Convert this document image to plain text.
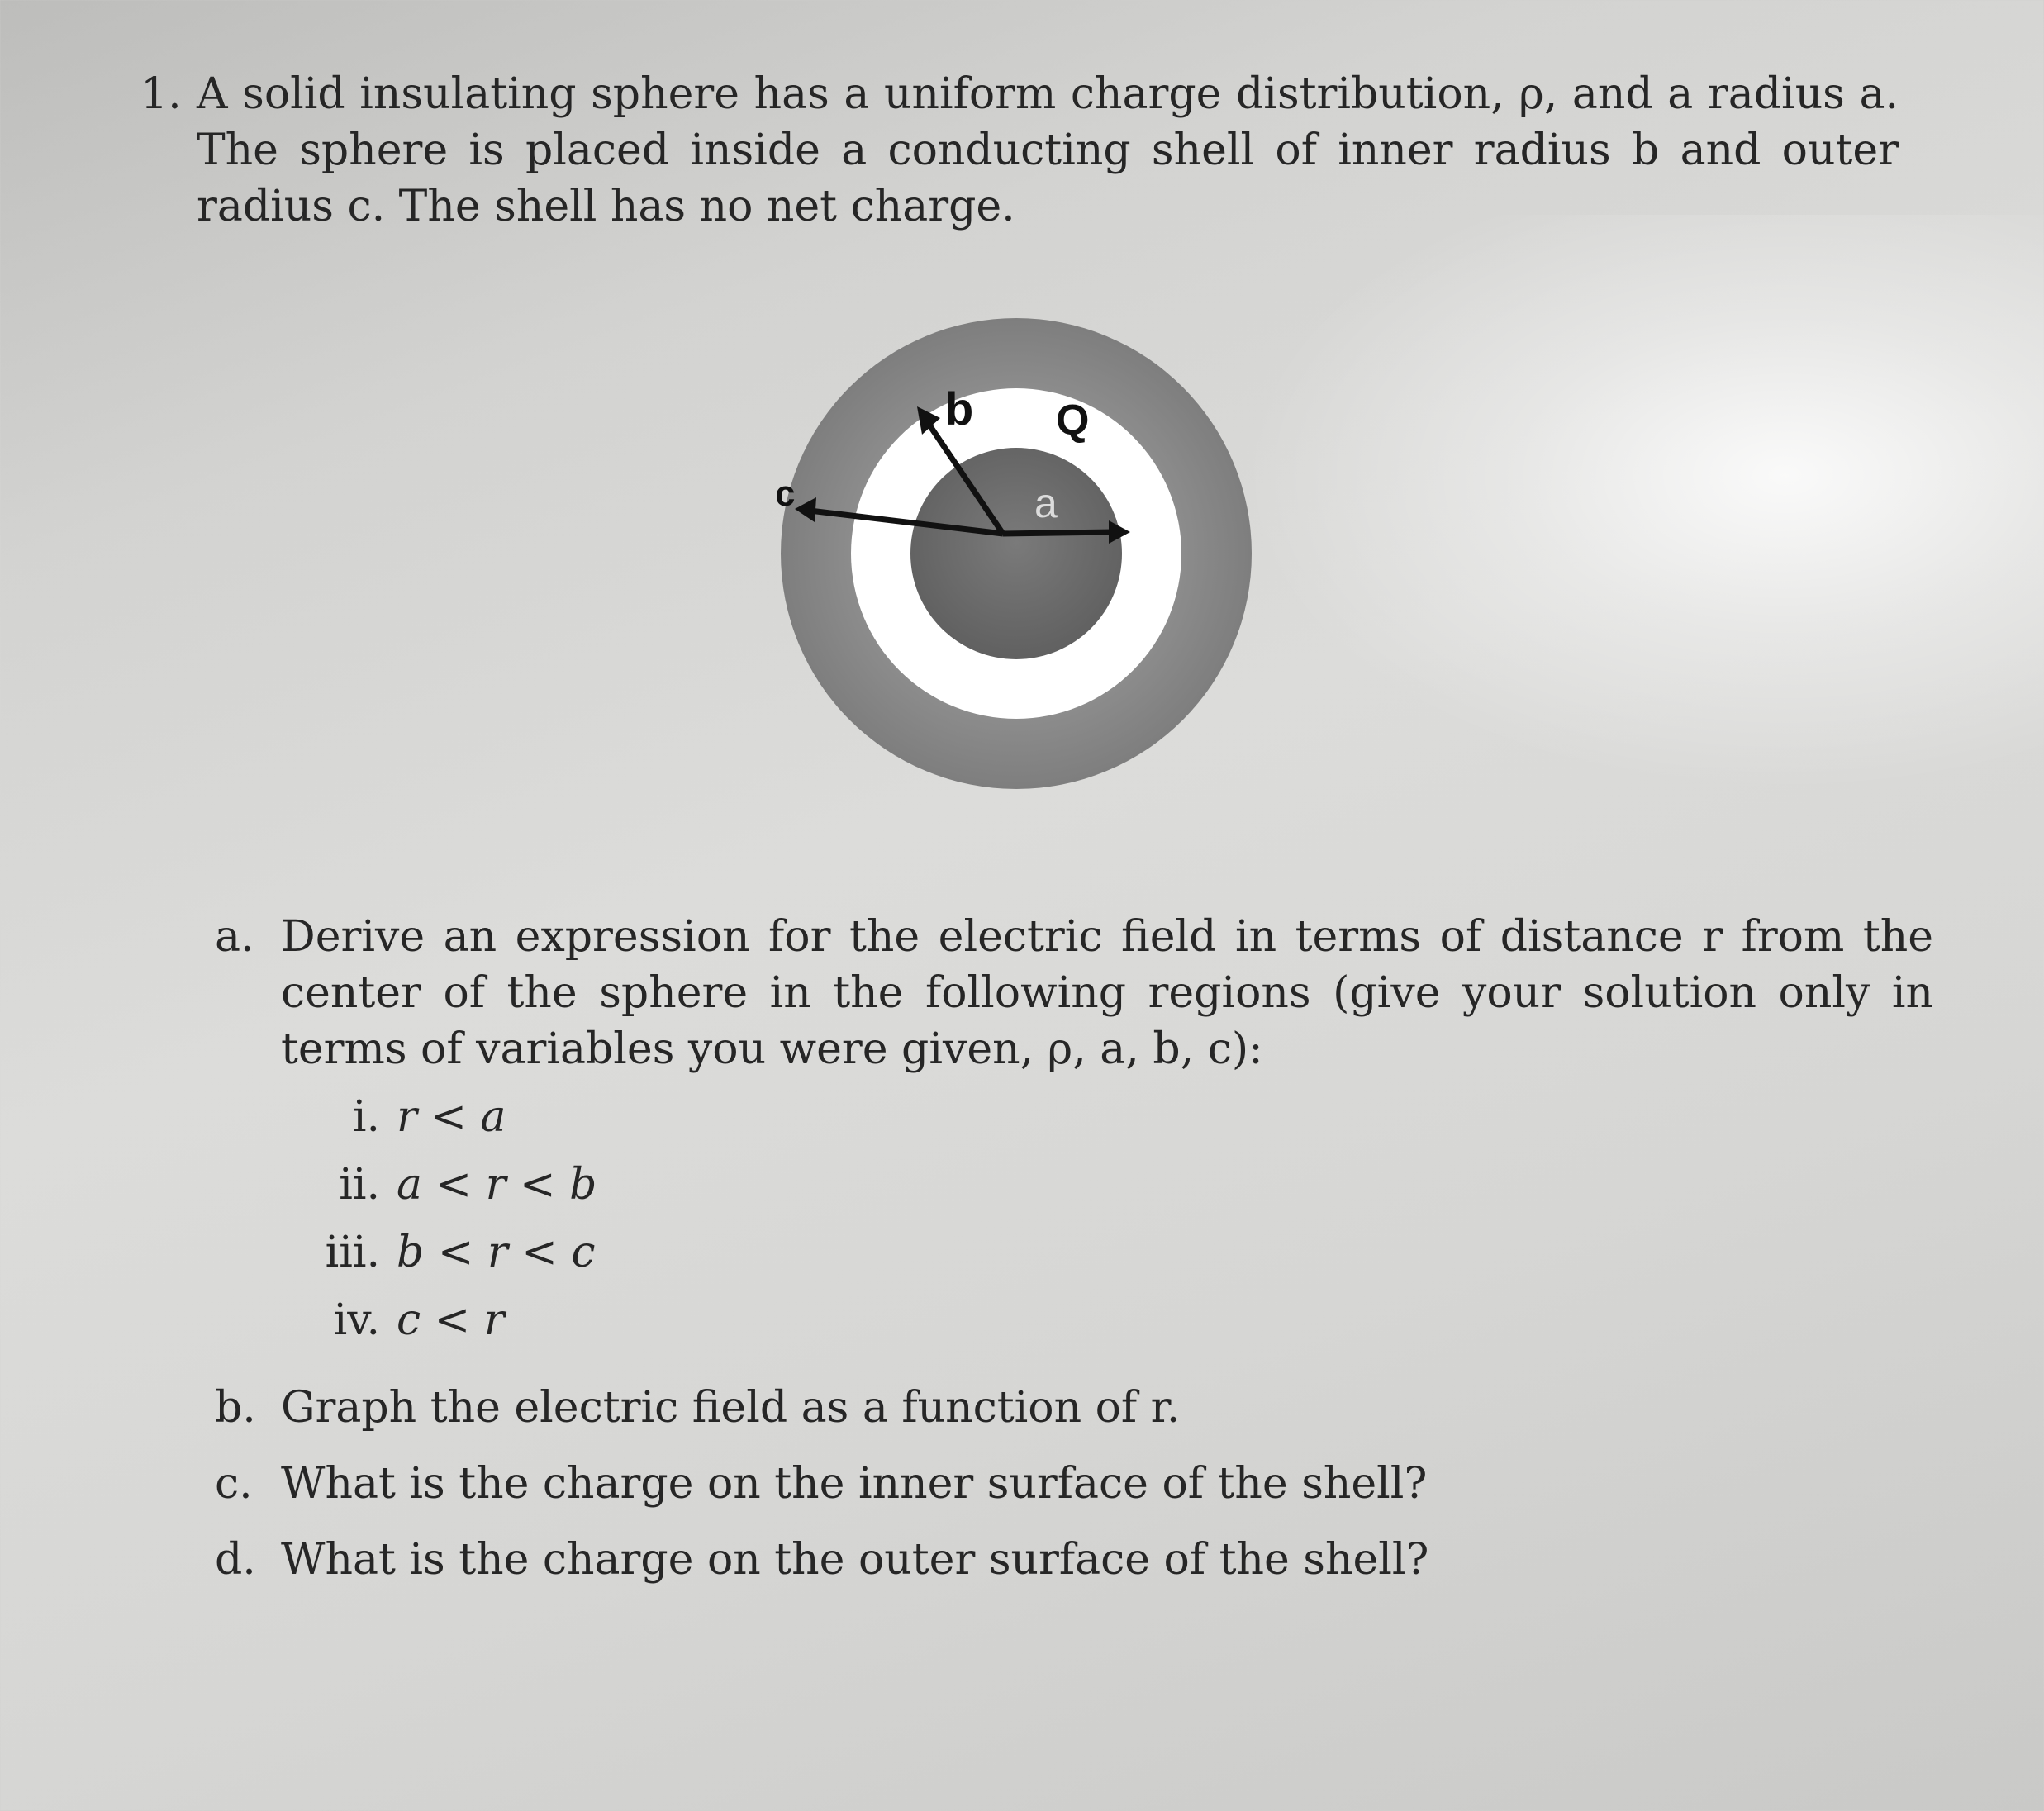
1. A solid insulating sphere has a uniform charge distribution, ρ, and a radius a. The sphere is placed inside a conducting shell of inner radius b and outer radius c. The shell has no net charge.
c
b Q
a
a. Derive an expression for the electric field in terms of distance r from the center of the sphere in the following regions (give your solution only in terms of variables you were given, ρ, a, b, c):
i. r < a
ii. a < r < b
iii. b < r < c
iv. c < r
b. Graph the electric field as a function of r.
c. What is the charge on the inner surface of the shell?
d. What is the charge on the outer surface of the shell?
